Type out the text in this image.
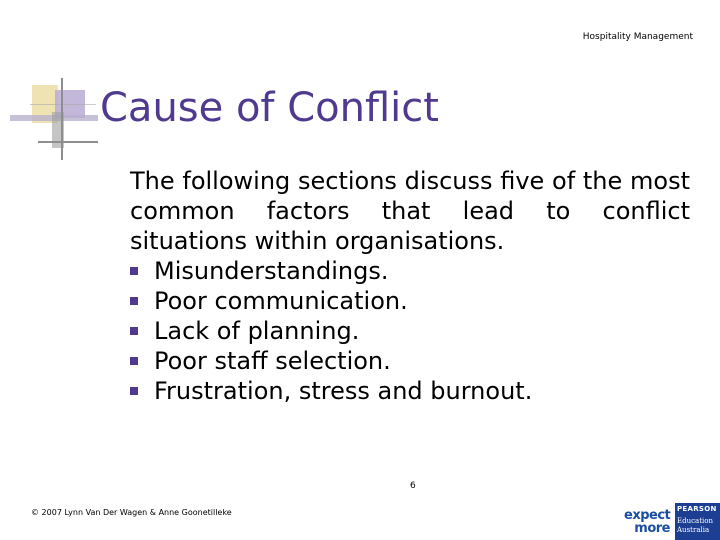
Hospitality Management
Cause of Conflict

The following sections discuss five of the most common factors that lead to conflict situations within organisations.

Misunderstandings.
Poor communication.
Lack of planning.
Poor staff selection.
Frustration, stress and burnout.
© 2007 Lynn Van Der Wagen & Anne Goonetilleke
6
expect
more
PEARSON
Education
Australia
